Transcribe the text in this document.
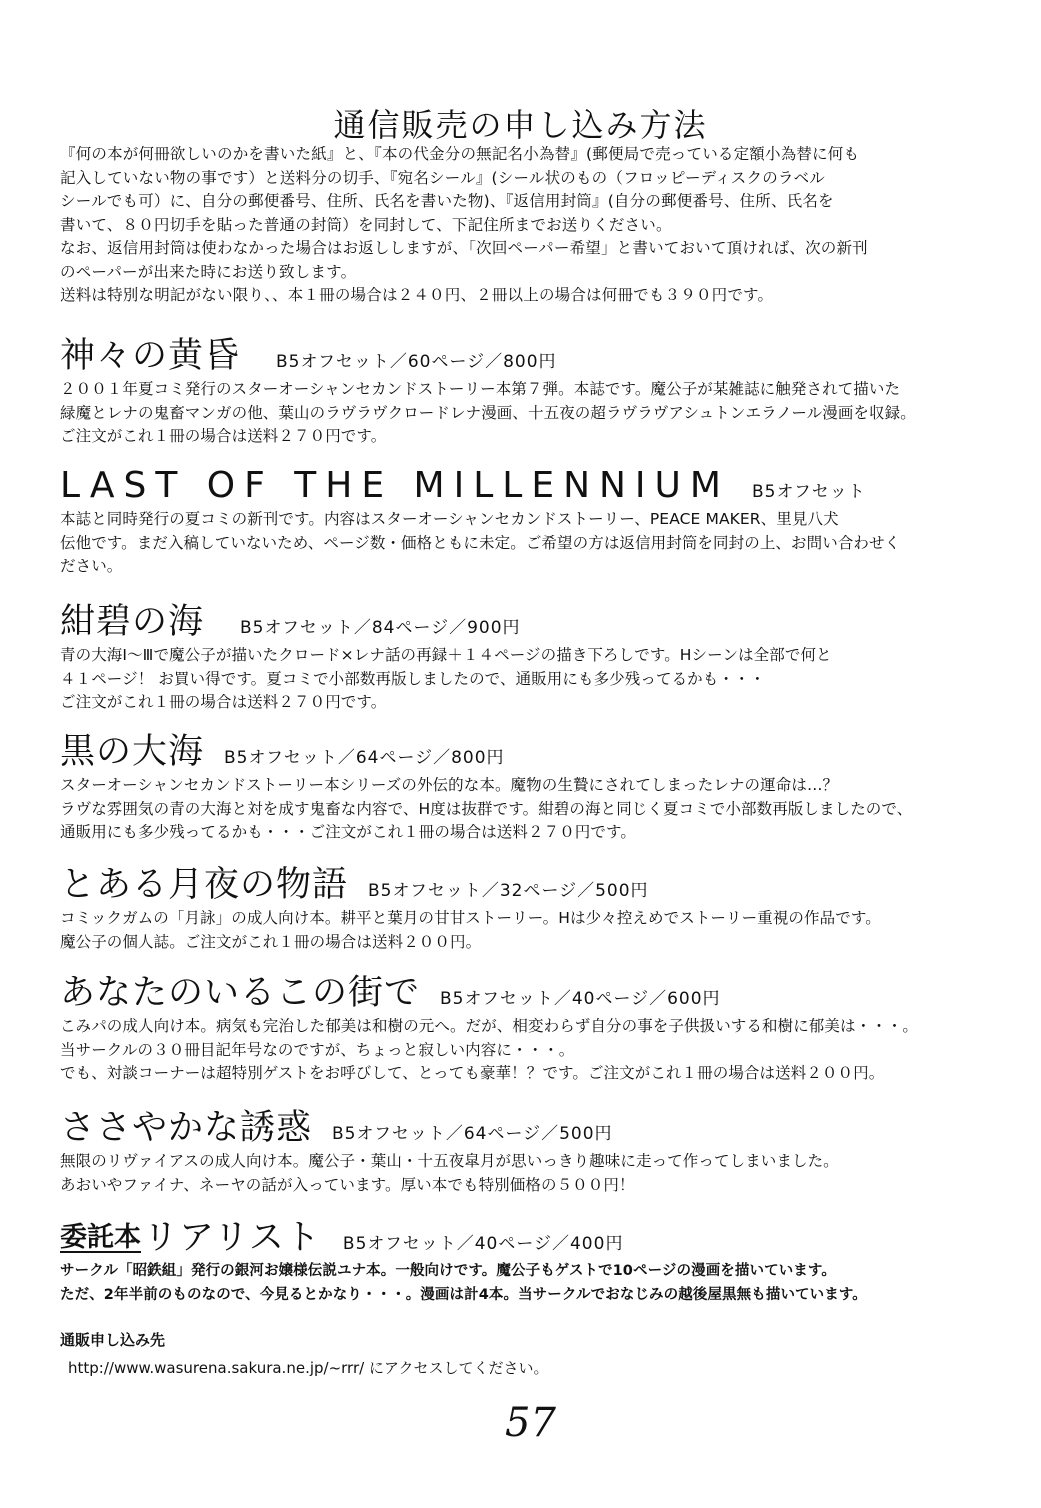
通信販売の申し込み方法

『何の本が何冊欲しいのかを書いた紙』と、『本の代金分の無記名小為替』(郵便局で売っている定額小為替に何も

記入していない物の事です）と送料分の切手、『宛名シール』(シール状のもの（フロッピーディスクのラベル

シールでも可）に、自分の郵便番号、住所、氏名を書いた物)、『返信用封筒』(自分の郵便番号、住所、氏名を

書いて、８０円切手を貼った普通の封筒）を同封して、下記住所までお送りください。

なお、返信用封筒は使わなかった場合はお返ししますが、「次回ペーパー希望」と書いておいて頂ければ、次の新刊

のペーパーが出来た時にお送り致します。

送料は特別な明記がない限り、、本１冊の場合は２４０円、２冊以上の場合は何冊でも３９０円です。

神々の黄昏 B5オフセット／60ページ／800円

２００１年夏コミ発行のスターオーシャンセカンドストーリー本第７弾。本誌です。魔公子が某雑誌に触発されて描いた

緑魔とレナの鬼畜マンガの他、葉山のラヴラヴクロードレナ漫画、十五夜の超ラヴラヴアシュトンエラノール漫画を収録。

ご注文がこれ１冊の場合は送料２７０円です。

LAST OF THE MILLENNIUM B5オフセット

本誌と同時発行の夏コミの新刊です。内容はスターオーシャンセカンドストーリー、PEACE MAKER、里見八犬

伝他です。まだ入稿していないため、ページ数・価格ともに未定。ご希望の方は返信用封筒を同封の上、お問い合わせく

ださい。

紺碧の海 B5オフセット／84ページ／900円

青の大海Ⅰ～Ⅲで魔公子が描いたクロード×レナ話の再録＋１４ページの描き下ろしです。Hシーンは全部で何と

４１ページ！ お買い得です。夏コミで小部数再版しましたので、通販用にも多少残ってるかも・・・

ご注文がこれ１冊の場合は送料２７０円です。

黒の大海 B5オフセット／64ページ／800円

スターオーシャンセカンドストーリー本シリーズの外伝的な本。魔物の生贄にされてしまったレナの運命は…？

ラヴな雰囲気の青の大海と対を成す鬼畜な内容で、H度は抜群です。紺碧の海と同じく夏コミで小部数再版しましたので、

通販用にも多少残ってるかも・・・ご注文がこれ１冊の場合は送料２７０円です。

とある月夜の物語 B5オフセット／32ページ／500円

コミックガムの「月詠」の成人向け本。耕平と葉月の甘甘ストーリー。Hは少々控えめでストーリー重視の作品です。

魔公子の個人誌。ご注文がこれ１冊の場合は送料２００円。

あなたのいるこの街で B5オフセット／40ページ／600円

こみパの成人向け本。病気も完治した郁美は和樹の元へ。だが、相変わらず自分の事を子供扱いする和樹に郁美は・・・。

当サークルの３０冊目記年号なのですが、ちょっと寂しい内容に・・・。

でも、対談コーナーは超特別ゲストをお呼びして、とっても豪華！？です。ご注文がこれ１冊の場合は送料２００円。

ささやかな誘惑 B5オフセット／64ページ／500円

無限のリヴァイアスの成人向け本。魔公子・葉山・十五夜皐月が思いっきり趣味に走って作ってしまいました。

あおいやファイナ、ネーヤの話が入っています。厚い本でも特別価格の５００円！

委託本 リアリスト B5オフセット／40ページ／400円

サークル「昭鉄組」発行の銀河お嬢様伝説ユナ本。一般向けです。魔公子もゲストで10ページの漫画を描いています。

ただ、2年半前のものなので、今見るとかなり・・・。漫画は計4本。当サークルでおなじみの越後屋黒無も描いています。

通販申し込み先
http://www.wasurena.sakura.ne.jp/~rrr/ にアクセスしてください。
57
